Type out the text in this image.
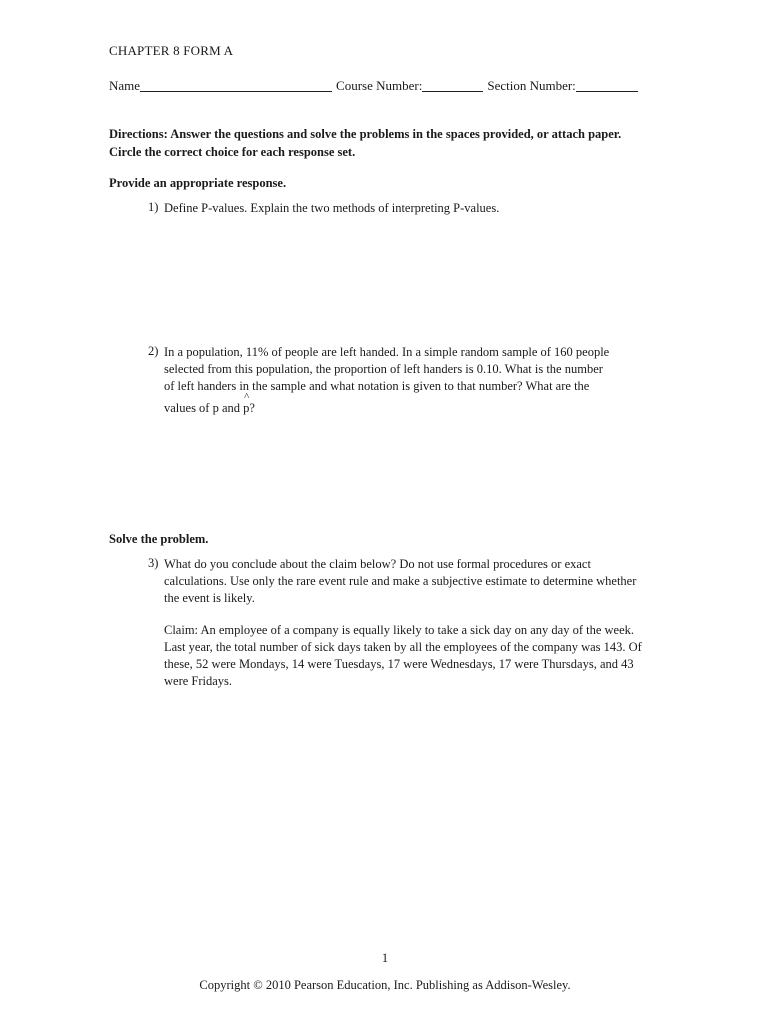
CHAPTER 8 FORM A
Name	Course Number:	Section Number:
Directions: Answer the questions and solve the problems in the spaces provided, or attach paper.
Circle the correct choice for each response set.
Provide an appropriate response.
1) Define P-values. Explain the two methods of interpreting P-values.
2) In a population, 11% of people are left handed. In a simple random sample of 160 people
selected from this population, the proportion of left handers is 0.10. What is the number
of left handers in the sample and what notation is given to that number? What are the
values of p and
^
p?
Solve the problem.
3) What do you conclude about the claim below? Do not use formal procedures or exact calculations. Use only the rare event rule and make a subjective estimate to determine whether the event is likely.
Claim: An employee of a company is equally likely to take a sick day on any day of the week. Last year, the total number of sick days taken by all the employees of the company was 143. Of these, 52 were Mondays, 14 were Tuesdays, 17 were Wednesdays, 17 were Thursdays, and 43 were Fridays.
1
Copyright © 2010 Pearson Education, Inc. Publishing as Addison-Wesley.
